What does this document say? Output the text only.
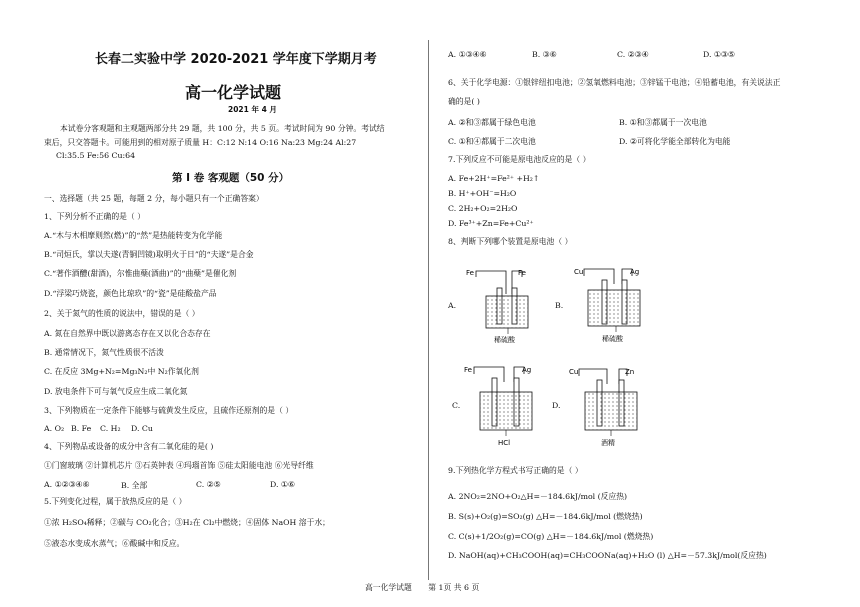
长春二实验中学 2020-2021 学年度下学期月考
高一化学试题
2021 年 4 月
本试卷分客观题和主观题两部分共 29 题，共 100 分，共 5 页。考试时间为 90 分钟。考试结
束后，只交答题卡。可能用到的相对原子质量 H：C:12 N:14 O:16 Na:23 Mg:24 Al:27
Cl:35.5 Fe:56 Cu:64
第 I 卷 客观题（50 分）
一、选择题（共 25 题，每题 2 分，每小题只有一个正确答案）
1、下列分析不正确的是（ ）
A.“木与木相摩则然(燃)”的“然”是热能转变为化学能
B.“司烜氏，掌以夫遂(青铜凹镜)取明火于日”的“夫遂”是合金
C.“著作酒醴(甜酒)，尔惟曲蘖(酒曲)”的“曲蘖”是催化剂
D.“浮梁巧烧瓷，颜色比琼玖”的“瓷”是硅酸盐产品
2、关于氮气的性质的说法中，错误的是（ ）
A. 氮在自然界中既以游离态存在又以化合态存在
B. 通常情况下，氮气性质很不活泼
C. 在反应 3Mg+N₂=Mg₃N₂中 N₂作氧化剂
D. 放电条件下可与氧气反应生成二氧化氮
3、下列物质在一定条件下能够与硫黄发生反应，且硫作还原剂的是（ ）
A. O₂ B. Fe C. H₂ D. Cu
4、下列物品或设备的成分中含有二氧化硅的是( )
①门窗玻璃 ②计算机芯片 ③石英钟表 ④玛瑙首饰 ⑤硅太阳能电池 ⑥光导纤维
A. ①②③④⑥	B. 全部	C. ②⑤	D. ①⑥
5.下列变化过程，属于放热反应的是（ ）
①浓 H₂SO₄稀释；②碳与 CO₂化合；③H₂在 Cl₂中燃烧；④固体 NaOH 溶于水；
⑤液态水变成水蒸气；⑥酸碱中和反应。
A. ①③④⑥	B. ③⑥	C. ②③④	D. ①③⑤
6、关于化学电源：①银锌纽扣电池；②氢氧燃料电池；③锌锰干电池；④铅蓄电池，有关说法正
确的是( )
A. ②和③都属于绿色电池	B. ①和③都属于一次电池
C. ①和④都属于二次电池	D. ②可将化学能全部转化为电能
7.下列反应不可能是原电池反应的是（ ）
A. Fe+2H⁺=Fe²⁺ +H₂↑
B. H⁺+OH⁻=H₂O
C. 2H₂+O₂=2H₂O
D. Fe³⁺+Zn=Fe+Cu²⁺
8、判断下列哪个装置是原电池（ ）
A.
Fe	Fe
稀硫酸
B.
Cu	Ag
稀硫酸
C.
Fe	Ag
HCl
D.
Cu	Zn
酒精
9.下列热化学方程式书写正确的是（ ）
A. 2NO₂=2NO+O₂△H=－184.6kJ/mol (反应热)
B. S(s)+O₂(g)=SO₂(g) △H=－184.6kJ/mol (燃烧热)
C. C(s)+1/2O₂(g)=CO(g) △H=－184.6kJ/mol (燃烧热)
D. NaOH(aq)+CH₃COOH(aq)=CH₃COONa(aq)+H₂O (l) △H=－57.3kJ/mol(反应热)
高一化学试题 第 1页 共 6 页
